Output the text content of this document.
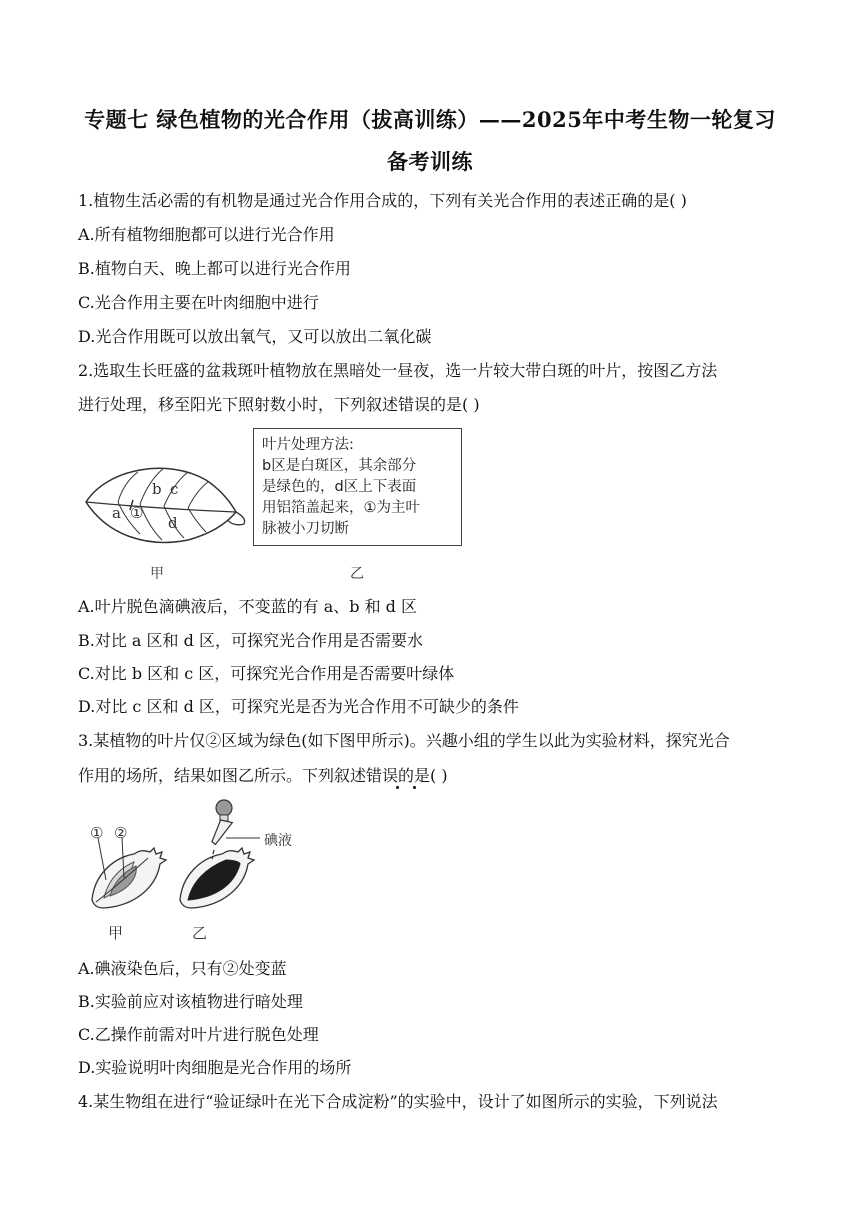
专题七 绿色植物的光合作用（拔高训练）——2025年中考生物一轮复习

备考训练

1.植物生活必需的有机物是通过光合作用合成的，下列有关光合作用的表述正确的是( )

A.所有植物细胞都可以进行光合作用

B.植物白天、晚上都可以进行光合作用

C.光合作用主要在叶肉细胞中进行

D.光合作用既可以放出氧气，又可以放出二氧化碳

2.选取生长旺盛的盆栽斑叶植物放在黑暗处一昼夜，选一片较大带白斑的叶片，按图乙方法

进行处理，移至阳光下照射数小时，下列叙述错误的是( )

a ①
b c
d
甲
叶片处理方法:
b区是白斑区，其余部分
是绿色的，d区上下表面
用铝箔盖起来，①为主叶
脉被小刀切断
乙

A.叶片脱色滴碘液后，不变蓝的有 a、b 和 d 区

B.对比 a 区和 d 区，可探究光合作用是否需要水

C.对比 b 区和 c 区，可探究光合作用是否需要叶绿体

D.对比 c 区和 d 区，可探究光是否为光合作用不可缺少的条件

3.某植物的叶片仅②区域为绿色(如下图甲所示)。兴趣小组的学生以此为实验材料，探究光合

作用的场所，结果如图乙所示。下列叙述错误的是( )

① ②	碘液
甲	乙

A.碘液染色后，只有②处变蓝

B.实验前应对该植物进行暗处理

C.乙操作前需对叶片进行脱色处理

D.实验说明叶肉细胞是光合作用的场所

4.某生物组在进行“验证绿叶在光下合成淀粉”的实验中，设计了如图所示的实验，下列说法
